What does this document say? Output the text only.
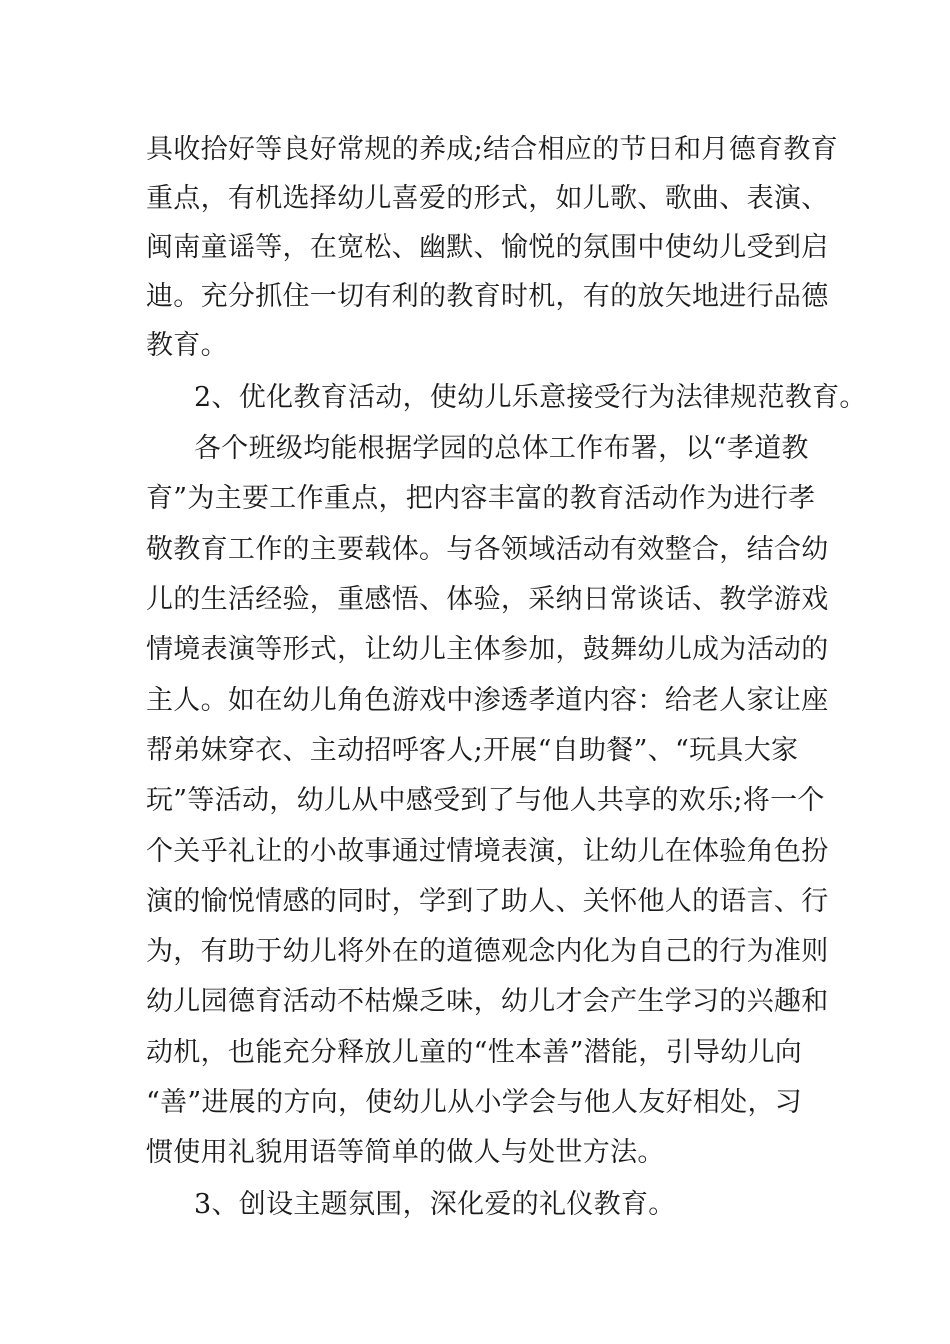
具收拾好等良好常规的养成;结合相应的节日和月德育教育
重点，有机选择幼儿喜爱的形式，如儿歌、歌曲、表演、
闽南童谣等，在宽松、幽默、愉悦的氛围中使幼儿受到启
迪。充分抓住一切有利的教育时机，有的放矢地进行品德
教育。
2、优化教育活动，使幼儿乐意接受行为法律规范教育。
各个班级均能根据学园的总体工作布署，以“孝道教
育”为主要工作重点，把内容丰富的教育活动作为进行孝
敬教育工作的主要载体。与各领域活动有效整合，结合幼
儿的生活经验，重感悟、体验，采纳日常谈话、教学游戏
情境表演等形式，让幼儿主体参加，鼓舞幼儿成为活动的
主人。如在幼儿角色游戏中渗透孝道内容：给老人家让座
帮弟妹穿衣、主动招呼客人;开展“自助餐”、“玩具大家
玩”等活动，幼儿从中感受到了与他人共享的欢乐;将一个
个关乎礼让的小故事通过情境表演，让幼儿在体验角色扮
演的愉悦情感的同时，学到了助人、关怀他人的语言、行
为，有助于幼儿将外在的道德观念内化为自己的行为准则
幼儿园德育活动不枯燥乏味，幼儿才会产生学习的兴趣和
动机，也能充分释放儿童的“性本善”潜能，引导幼儿向
“善”进展的方向，使幼儿从小学会与他人友好相处，习
惯使用礼貌用语等简单的做人与处世方法。
3、创设主题氛围，深化爱的礼仪教育。
